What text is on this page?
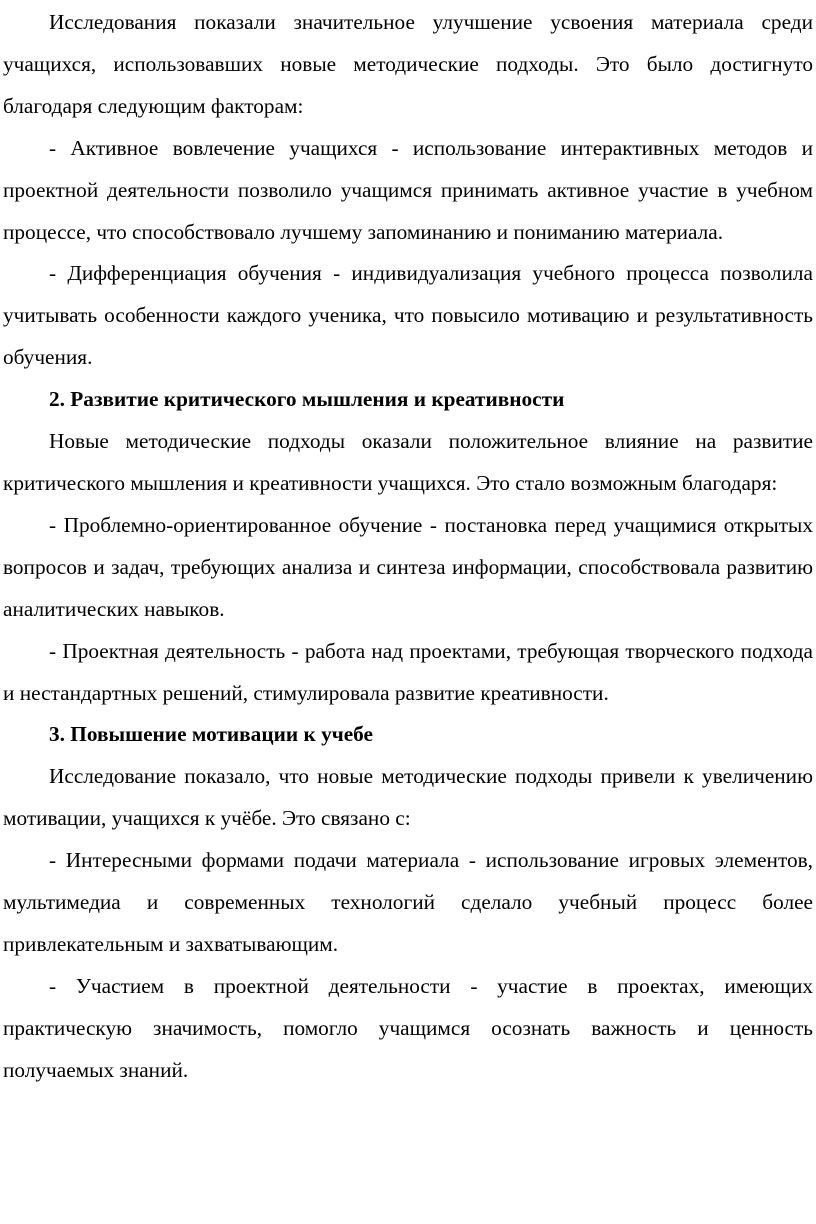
Исследования показали значительное улучшение усвоения материала среди учащихся, использовавших новые методические подходы. Это было достигнуто благодаря следующим факторам:

- Активное вовлечение учащихся - использование интерактивных методов и проектной деятельности позволило учащимся принимать активное участие в учебном процессе, что способствовало лучшему запоминанию и пониманию материала.

- Дифференциация обучения - индивидуализация учебного процесса позволила учитывать особенности каждого ученика, что повысило мотивацию и результативность обучения.

2. Развитие критического мышления и креативности

Новые методические подходы оказали положительное влияние на развитие критического мышления и креативности учащихся. Это стало возможным благодаря:

- Проблемно-ориентированное обучение - постановка перед учащимися открытых вопросов и задач, требующих анализа и синтеза информации, способствовала развитию аналитических навыков.

- Проектная деятельность - работа над проектами, требующая творческого подхода и нестандартных решений, стимулировала развитие креативности.

3. Повышение мотивации к учебе

Исследование показало, что новые методические подходы привели к увеличению мотивации, учащихся к учёбе. Это связано с:

- Интересными формами подачи материала - использование игровых элементов, мультимедиа и современных технологий сделало учебный процесс более привлекательным и захватывающим.

- Участием в проектной деятельности - участие в проектах, имеющих практическую значимость, помогло учащимся осознать важность и ценность получаемых знаний.
